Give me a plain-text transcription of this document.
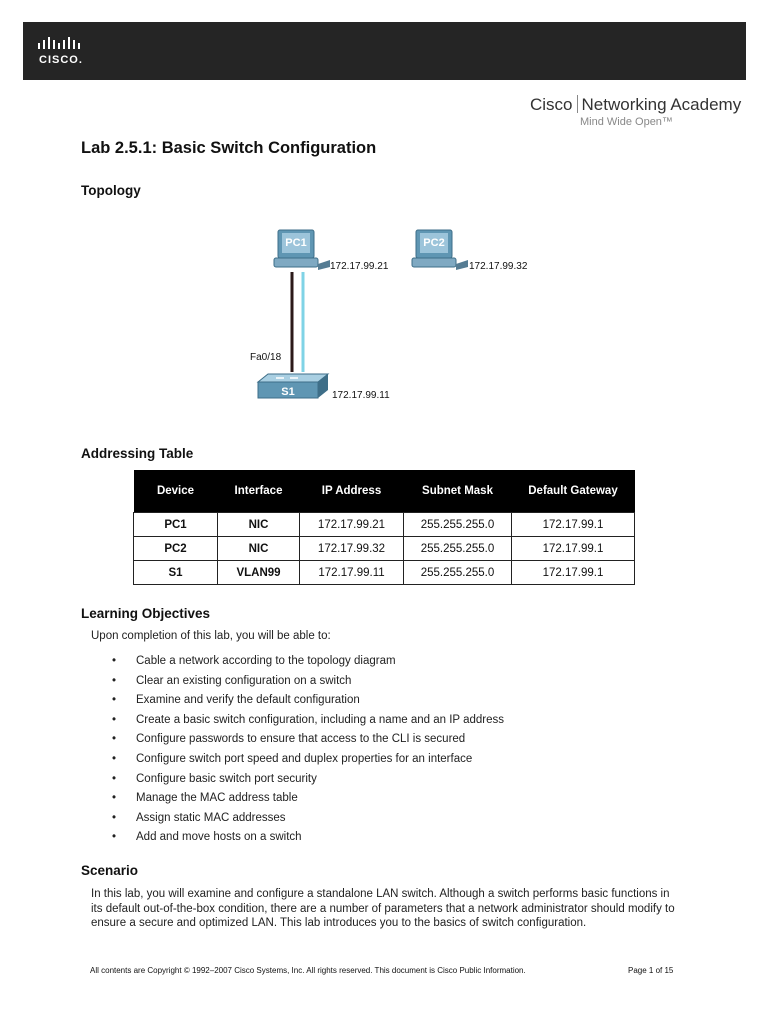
CISCO.
Cisco Networking Academy
Mind Wide Open™
Lab 2.5.1: Basic Switch Configuration
Topology
PC1
172.17.99.21
PC2
172.17.99.32
Fa0/18
S1	172.17.99.11
Addressing Table
Device	Interface	IP Address	Subnet Mask	Default Gateway
PC1	NIC	172.17.99.21	255.255.255.0	172.17.99.1
PC2	NIC	172.17.99.32	255.255.255.0	172.17.99.1
S1	VLAN99	172.17.99.11	255.255.255.0	172.17.99.1
Learning Objectives
Upon completion of this lab, you will be able to:
• Cable a network according to the topology diagram
• Clear an existing configuration on a switch
• Examine and verify the default configuration
• Create a basic switch configuration, including a name and an IP address
• Configure passwords to ensure that access to the CLI is secured
• Configure switch port speed and duplex properties for an interface
• Configure basic switch port security
• Manage the MAC address table
• Assign static MAC addresses
• Add and move hosts on a switch
Scenario

In this lab, you will examine and configure a standalone LAN switch. Although a switch performs basic functions in its default out-of-the-box condition, there are a number of parameters that a network administrator should modify to ensure a secure and optimized LAN. This lab introduces you to the basics of switch configuration.

All contents are Copyright © 1992–2007 Cisco Systems, Inc. All rights reserved. This document is Cisco Public Information.	Page 1 of 15
